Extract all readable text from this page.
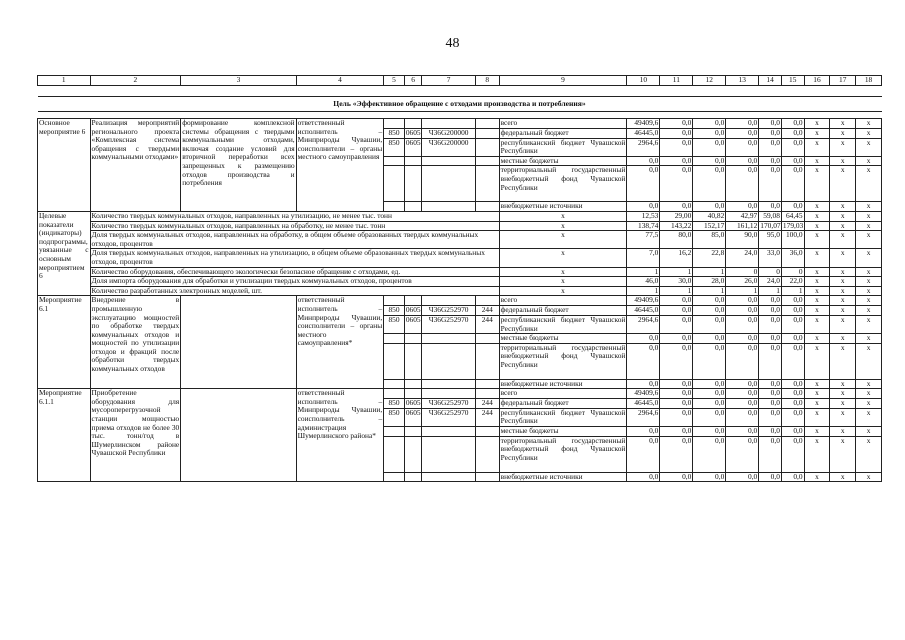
48
1	2	3	4	5	6	7	8	9	10	11	12	13	14	15	16	17	18

Цель «Эффективное обращение с отходами производства и потребления»																	

Основное мероприятие 6	Реализация мероприятий регионального проекта «Комплексная система обращения с твердыми коммунальными отходами»	формирование комплексной системы обращения с твердыми коммунальными отходами, включая создание условий для вторичной переработки всех запрещенных к размещению отходов производства и потребления	ответственный исполнитель – Минприроды Чувашии, соисполнители – органы местного самоуправления					всего	49409,6	0,0	0,0	0,0	0,0	0,0	x	x	x
				850	0605	Ч36G200000		федеральный бюджет	46445,0	0,0	0,0	0,0	0,0	0,0	x	x	x
				850	0605	Ч36G200000		республиканский бюджет Чувашской Республики	2964,6	0,0	0,0	0,0	0,0	0,0	x	x	x
								местные бюджеты	0,0	0,0	0,0	0,0	0,0	0,0	x	x	x
								территориальный государственный внебюджетный фонд Чувашской Республики	0,0	0,0	0,0	0,0	0,0	0,0	x	x	x
								внебюджетные источники	0,0	0,0	0,0	0,0	0,0	0,0	x	x	x
Целевые показатели (индикаторы) подпрограммы, увязанные с основным мероприятием 6	Количество твердых коммунальных отходов, направленных на утилизацию, не менее тыс. тонн							x	12,53	29,00	40,82	42,97	59,08	64,45	x	x	x
	Количество твердых коммунальных отходов, направленных на обработку, не менее тыс. тонн							x	138,74	143,22	152,17	161,12	170,07	179,03	x	x	x
	Доля твердых коммунальных отходов, направленных на обработку, в общем объеме образованных твердых коммунальных отходов, процентов							x	77,5	80,0	85,0	90,0	95,0	100,0	x	x	x
	Доля твердых коммунальных отходов, направленных на утилизацию, в общем объеме образованных твердых коммунальных отходов, процентов							x	7,0	16,2	22,8	24,0	33,0	36,0	x	x	x
	Количество оборудования, обеспечивающего экологически безопасное обращение с отходами, ед.							x	1	1	1	0	0	0	x	x	x
	Доля импорта оборудования для обработки и утилизации твердых коммунальных отходов, процентов							x	46,0	30,0	28,0	26,0	24,0	22,0	x	x	x
	Количество разработанных электронных моделей, шт.							x	1	1	1	1	1	1	x	x	x
Мероприятие 6.1	Внедрение в промышленную эксплуатацию мощностей по обработке твердых коммунальных отходов и мощностей по утилизации отходов и фракций после обработки твердых коммунальных отходов		ответственный исполнитель – Минприроды Чувашии, соисполнители – органы местного самоуправления*					всего	49409,6	0,0	0,0	0,0	0,0	0,0	x	x	x
				850	0605	Ч36G252970	244	федеральный бюджет	46445,0	0,0	0,0	0,0	0,0	0,0	x	x	x
				850	0605	Ч36G252970	244	республиканский бюджет Чувашской Республики	2964,6	0,0	0,0	0,0	0,0	0,0	x	x	x
								местные бюджеты	0,0	0,0	0,0	0,0	0,0	0,0	x	x	x
								территориальный государственный внебюджетный фонд Чувашской Республики	0,0	0,0	0,0	0,0	0,0	0,0	x	x	x
								внебюджетные источники	0,0	0,0	0,0	0,0	0,0	0,0	x	x	x
Мероприятие 6.1.1	Приобретение оборудования для мусороперегрузочной станции мощностью приема отходов не более 30 тыс. тонн/год в Шумерлинском районе Чувашской Республики		ответственный исполнитель – Минприроды Чувашии, соисполнитель – администрация Шумерлинского района*					всего	49409,6	0,0	0,0	0,0	0,0	0,0	x	x	x
				850	0605	Ч36G252970	244	федеральный бюджет	46445,0	0,0	0,0	0,0	0,0	0,0	x	x	x
				850	0605	Ч36G252970	244	республиканский бюджет Чувашской Республики	2964,6	0,0	0,0	0,0	0,0	0,0	x	x	x
								местные бюджеты	0,0	0,0	0,0	0,0	0,0	0,0	x	x	x
								территориальный государственный внебюджетный фонд Чувашской Республики	0,0	0,0	0,0	0,0	0,0	0,0	x	x	x
								внебюджетные источники	0,0	0,0	0,0	0,0	0,0	0,0	x	x	x
